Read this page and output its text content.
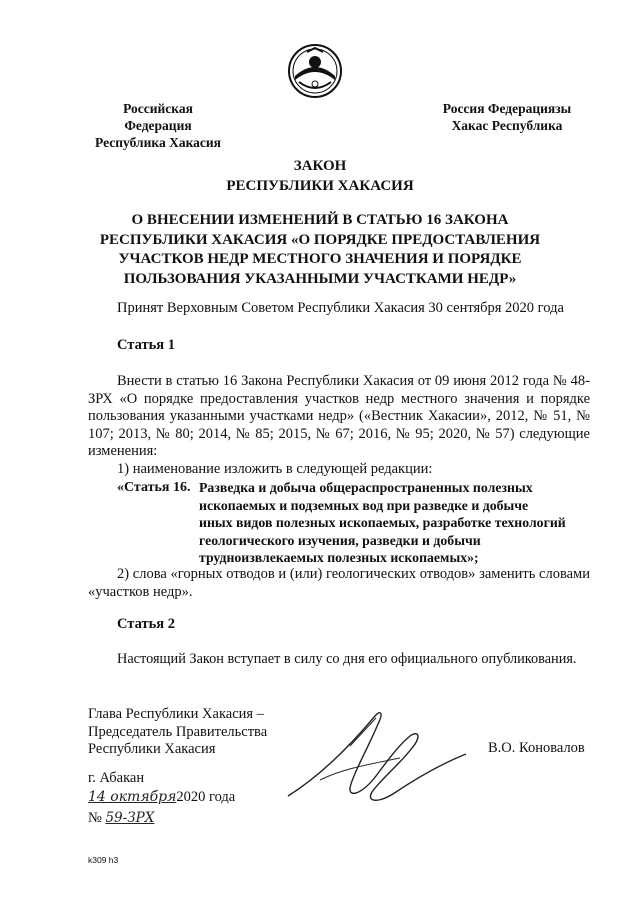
Российская Федерация
Республика Хакасия
Россия Федерациязы
Хакас Республика
ЗАКОН
РЕСПУБЛИКИ ХАКАСИЯ
О ВНЕСЕНИИ ИЗМЕНЕНИЙ В СТАТЬЮ 16 ЗАКОНА
РЕСПУБЛИКИ ХАКАСИЯ «О ПОРЯДКЕ ПРЕДОСТАВЛЕНИЯ
УЧАСТКОВ НЕДР МЕСТНОГО ЗНАЧЕНИЯ И ПОРЯДКЕ
ПОЛЬЗОВАНИЯ УКАЗАННЫМИ УЧАСТКАМИ НЕДР»
Принят Верховным Советом Республики Хакасия 30 сентября 2020 года
Статья 1
Внести в статью 16 Закона Республики Хакасия от 09 июня 2012 года № 48-ЗРХ «О порядке предоставления участков недр местного значения и порядке пользования указанными участками недр» («Вестник Хакасии», 2012, № 51, № 107; 2013, № 80; 2014, № 85; 2015, № 67; 2016, № 95; 2020, № 57) следующие изменения:
1) наименование изложить в следующей редакции:
«Статья 16. Разведка и добыча общераспространенных полезных
ископаемых и подземных вод при разведке и добыче
иных видов полезных ископаемых, разработке технологий
геологического изучения, разведки и добычи
трудноизвлекаемых полезных ископаемых»;
2) слова «горных отводов и (или) геологических отводов» заменить словами «участков недр».
Статья 2
Настоящий Закон вступает в силу со дня его официального опубликования.
Глава Республики Хакасия –
Председатель Правительства
Республики Хакасия	В.О. Коновалов
г. Абакан
14 октября2020 года
№ 59-ЗРХ
k309 h3
